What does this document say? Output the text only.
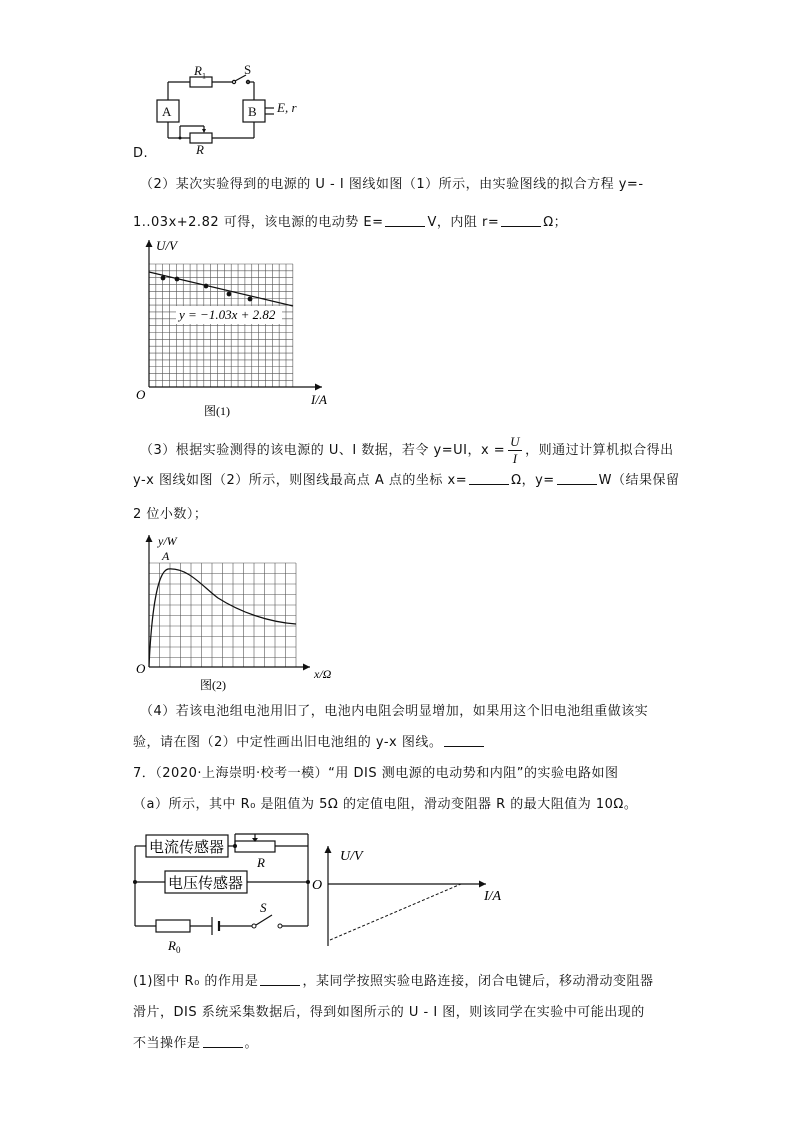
$R_1$	S
A	B E, r
R
D.
（2）某次实验得到的电源的 U - I 图线如图（1）所示，由实验图线的拟合方程 y=-
1..03x+2.82 可得，该电源的电动势 E=	V，内阻 r=	Ω；
y = −1.03x + 2.82
U/V
I/A
O
图(1)
（3）根据实验测得的该电源的 U、I 数据，若令 y=UI，$x = \frac{U}{I}$ ，则通过计算机拟合得出
y-x 图线如图（2）所示，则图线最高点 A 点的坐标 x=	Ω，y=	W（结果保留
2 位小数）；
y/W
x/Ω
O
A
图(2)
（4）若该电池组电池用旧了，电池内电阻会明显增加，如果用这个旧电池组重做该实
验，请在图（2）中定性画出旧电池组的 y-x 图线。
7．（2020·上海崇明·校考一模）“用 DIS 测电源的电动势和内阻”的实验电路如图
（a）所示，其中 R₀ 是阻值为 5Ω 的定值电阻，滑动变阻器 R 的最大阻值为 10Ω。
电流传感器
电压传感器
R
S
$R_0$
U/V
I/A
O
(1)图中 R₀ 的作用是	，某同学按照实验电路连接，闭合电键后，移动滑动变阻器
滑片，DIS 系统采集数据后，得到如图所示的 U - I 图，则该同学在实验中可能出现的
不当操作是	。
